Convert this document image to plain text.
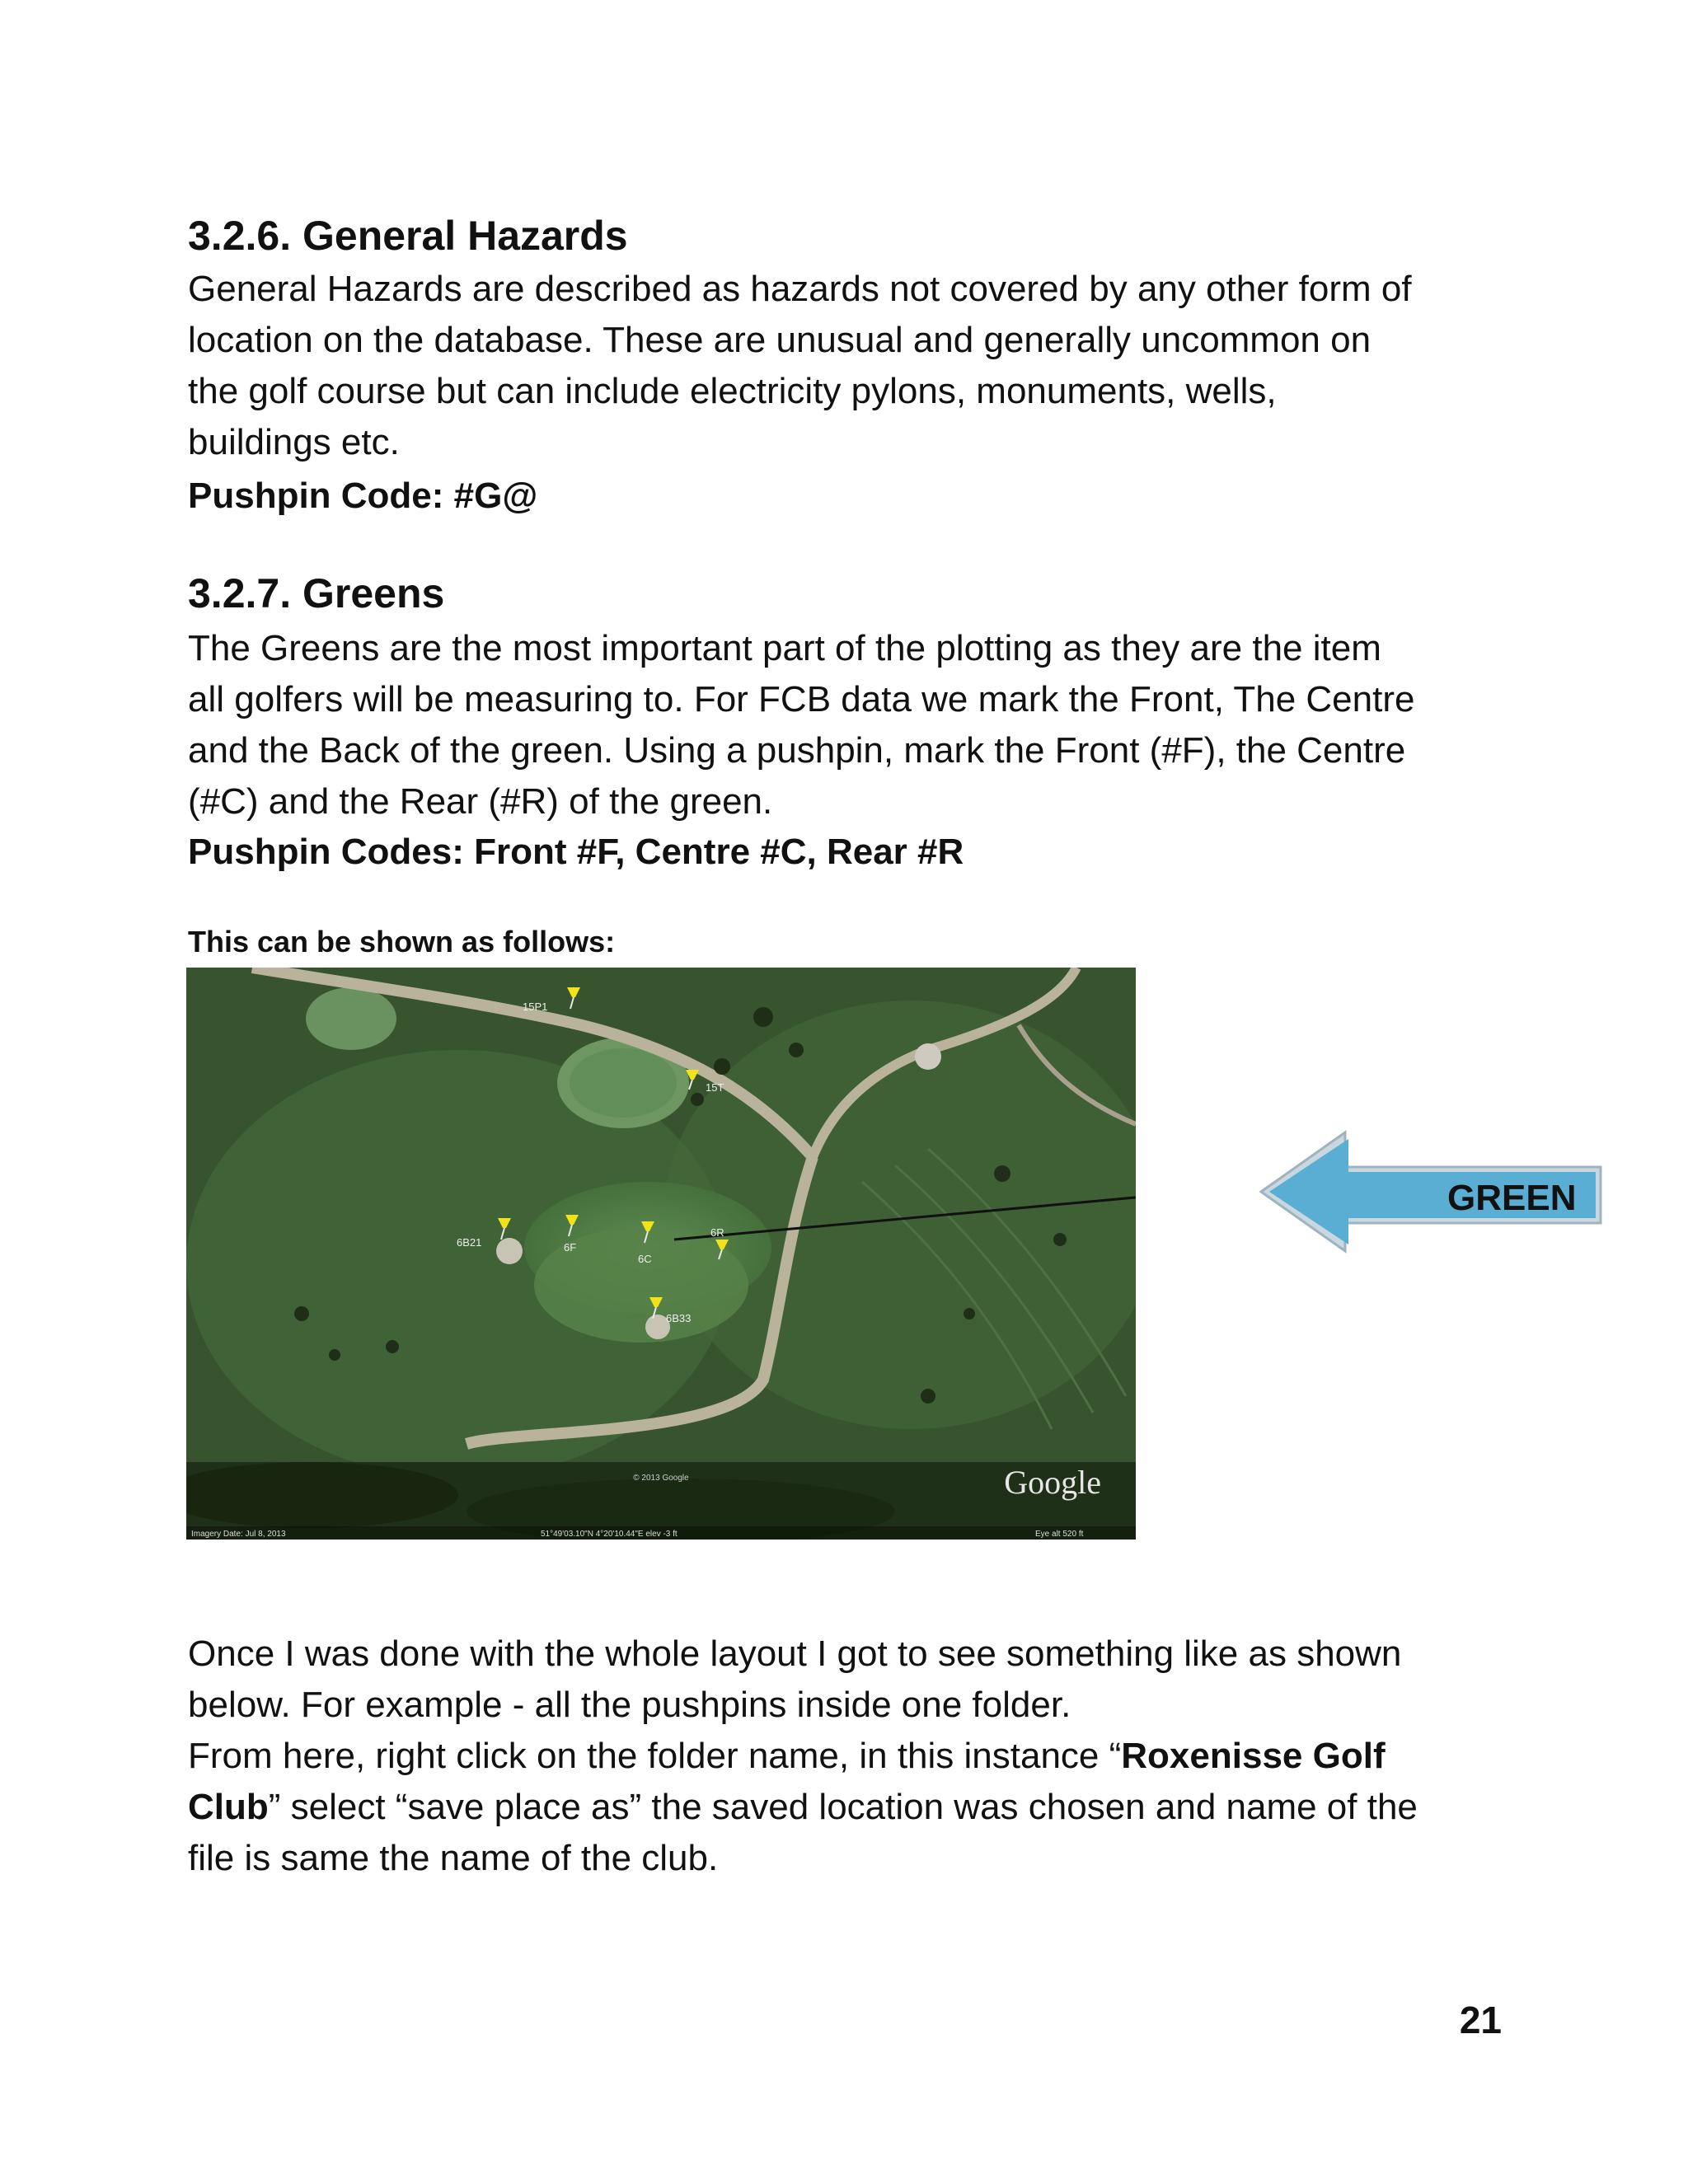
3.2.6. General Hazards
General Hazards are described as hazards not covered by any other form of
location on the database. These are unusual and generally uncommon on
the golf course but can include electricity pylons, monuments, wells,
buildings etc.
Pushpin Code: #G@
3.2.7. Greens
The Greens are the most important part of the plotting as they are the item
all golfers will be measuring to. For FCB data we mark the Front, The Centre
and the Back of the green. Using a pushpin, mark the Front (#F), the Centre
(#C) and the Rear (#R) of the green.
Pushpin Codes: Front #F, Centre #C, Rear #R
This can be shown as follows:
15P1
15T
6B21	6F
6C
6R
6B33
Google
© 2013 Google
Imagery Date: Jul 8, 2013	51°49'03.10"N 4°20'10.44"E elev -3 ft	Eye alt 520 ft
GREEN
Once I was done with the whole layout I got to see something like as shown
below. For example - all the pushpins inside one folder.
From here, right click on the folder name, in this instance “Roxenisse Golf
Club” select “save place as” the saved location was chosen and name of the
file is same the name of the club.
21
